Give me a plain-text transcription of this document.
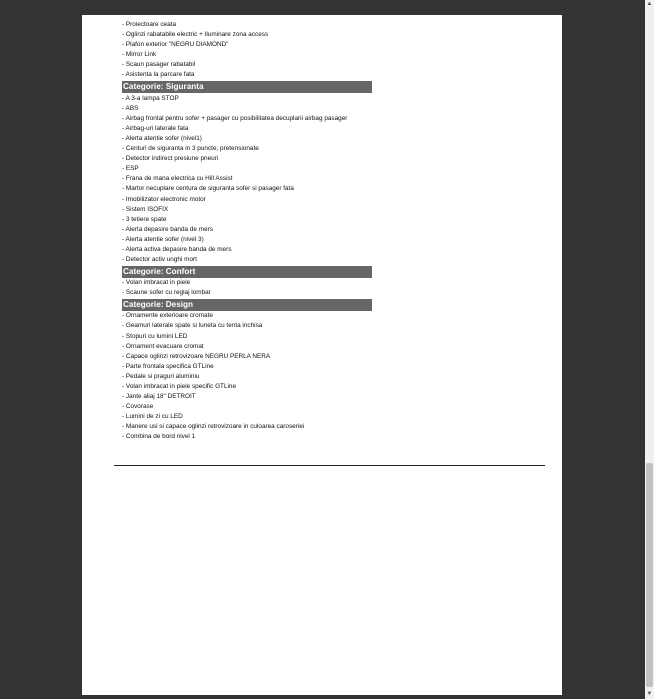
- Proiectoare ceata
- Oglinzi rabatabile electric + Iluminare zona access
- Plafon exterior "NEGRU DIAMOND"
- Mirror Link
- Scaun pasager rabatabil
- Asistenta la parcare fata
Categorie: Siguranta
- A 3-a lampa STOP
- ABS
- Airbag frontal pentru sofer + pasager cu posibilitatea decuplarii airbag pasager
- Airbag-uri laterale fata
- Alerta atentie sofer (nivel1)
- Centuri de siguranta in 3 puncte, pretensionate
- Detector indirect presiune pneuri
- ESP
- Frana de mana electrica cu Hill Assist
- Martor necuplare centura de siguranta sofer si pasager fata
- Imobilizator electronic motor
- Sistem ISOFIX
- 3 tetiere spate
- Alerta depasire banda de mers
- Alerta atentie sofer (nivel 3)
- Alerta activa depasire banda de mers
- Detector activ unghi mort
Categorie: Confort
- Volan imbracat in piele
- Scaune sofer cu reglaj lombar
Categorie: Design
- Ornamente exterioare cromate
- Geamuri laterale spate si luneta cu tenta inchisa
- Stopuri cu lumini LED
- Ornament evacuare cromat
- Capace oglinzi retrovizoare NEGRU PERLA NERA
- Parte frontala specifica GTLine
- Pedale si praguri aluminiu
- Volan imbracat in piele specific GTLine
- Jante aliaj 18" DETROIT
- Covorase
- Lumini de zi cu LED
- Manere usi si capace oglinzi retrovizoare in culoarea caroseriei
- Combina de bord nivel 1
▲
▼
